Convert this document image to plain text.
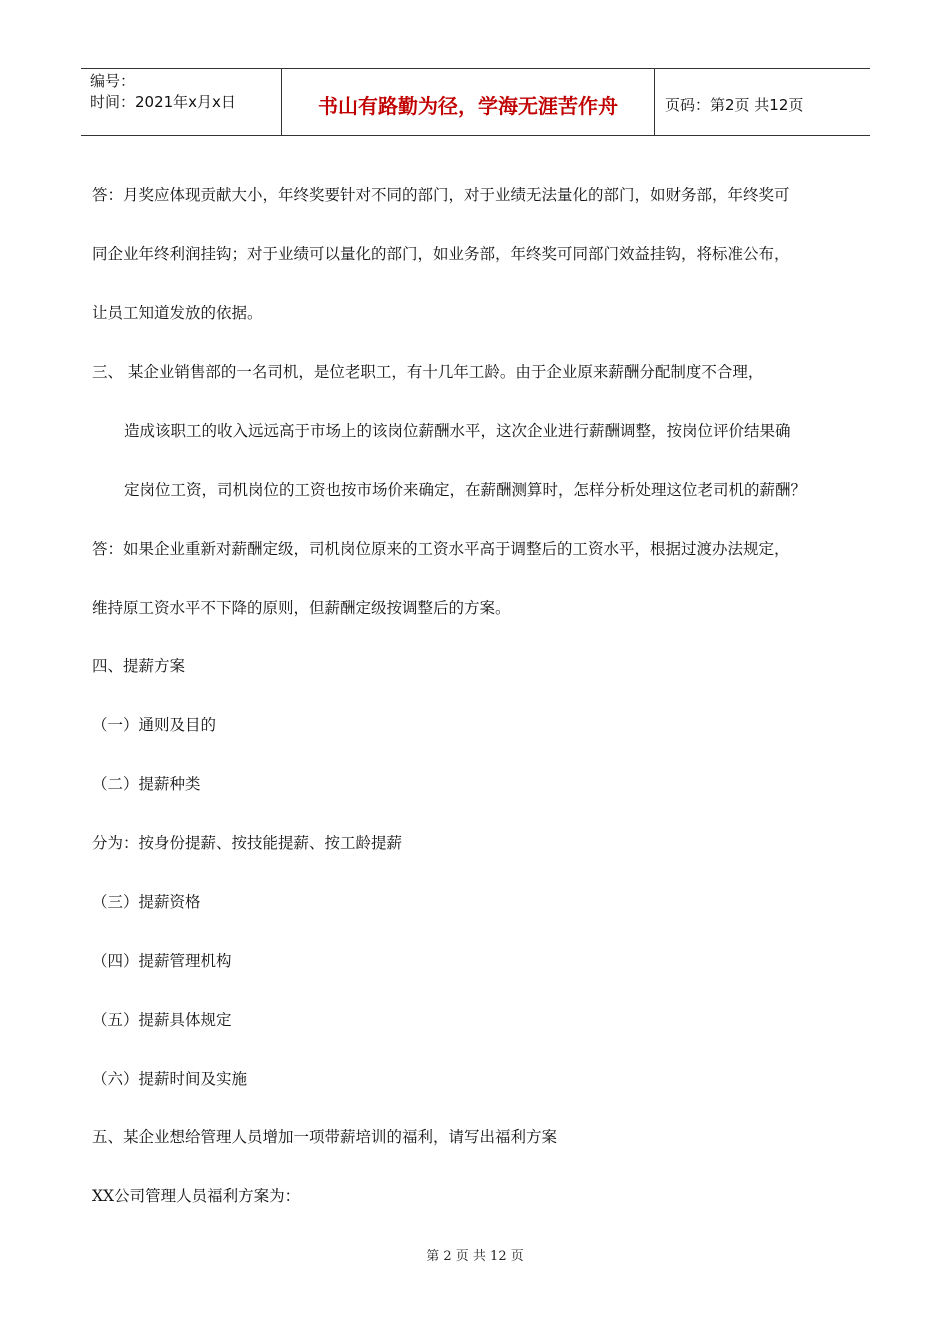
编号：
时间：2021年x月x日	书山有路勤为径，学海无涯苦作舟	页码：第2页 共12页
答：月奖应体现贡献大小，年终奖要针对不同的部门，对于业绩无法量化的部门，如财务部，年终奖可
同企业年终利润挂钩；对于业绩可以量化的部门，如业务部，年终奖可同部门效益挂钩，将标准公布，
让员工知道发放的依据。
三、 某企业销售部的一名司机，是位老职工，有十几年工龄。由于企业原来薪酬分配制度不合理，
造成该职工的收入远远高于市场上的该岗位薪酬水平，这次企业进行薪酬调整，按岗位评价结果确
定岗位工资，司机岗位的工资也按市场价来确定，在薪酬测算时，怎样分析处理这位老司机的薪酬？
答：如果企业重新对薪酬定级，司机岗位原来的工资水平高于调整后的工资水平，根据过渡办法规定，
维持原工资水平不下降的原则，但薪酬定级按调整后的方案。
四、提薪方案
（一）通则及目的
（二）提薪种类
分为：按身份提薪、按技能提薪、按工龄提薪
（三）提薪资格
（四）提薪管理机构
（五）提薪具体规定
（六）提薪时间及实施
五、某企业想给管理人员增加一项带薪培训的福利，请写出福利方案
XX公司管理人员福利方案为：
第 2 页 共 12 页
